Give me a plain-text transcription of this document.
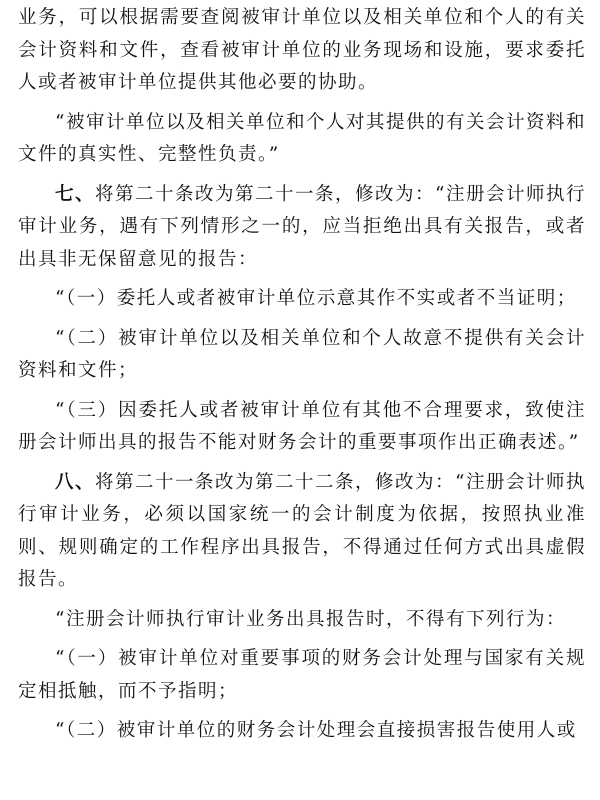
业务，可以根据需要查阅被审计单位以及相关单位和个人的有关会计资料和文件，查看被审计单位的业务现场和设施，要求委托人或者被审计单位提供其他必要的协助。

“被审计单位以及相关单位和个人对其提供的有关会计资料和文件的真实性、完整性负责。”

七、将第二十条改为第二十一条，修改为：“注册会计师执行审计业务，遇有下列情形之一的，应当拒绝出具有关报告，或者出具非无保留意见的报告：

“（一）委托人或者被审计单位示意其作不实或者不当证明；

“（二）被审计单位以及相关单位和个人故意不提供有关会计资料和文件；

“（三）因委托人或者被审计单位有其他不合理要求，致使注册会计师出具的报告不能对财务会计的重要事项作出正确表述。”

八、将第二十一条改为第二十二条，修改为：“注册会计师执行审计业务，必须以国家统一的会计制度为依据，按照执业准则、规则确定的工作程序出具报告，不得通过任何方式出具虚假报告。

“注册会计师执行审计业务出具报告时，不得有下列行为：

“（一）被审计单位对重要事项的财务会计处理与国家有关规定相抵触，而不予指明；

“（二）被审计单位的财务会计处理会直接损害报告使用人或
